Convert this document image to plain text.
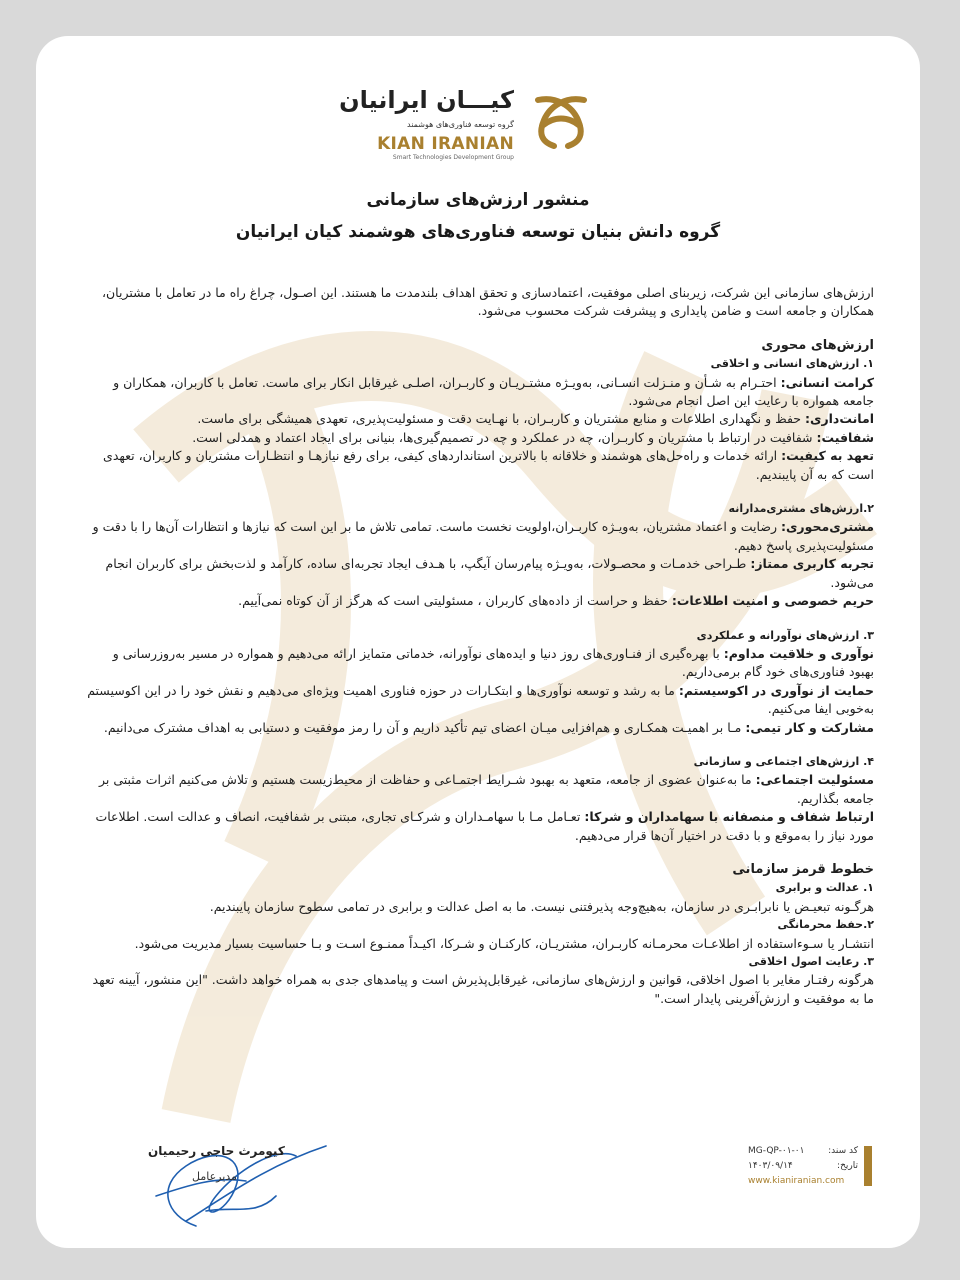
کیـــان ایرانیان
گروه توسعه فناوری‌های هوشمند
KIAN IRANIAN
Smart Technologies Development Group
منشور ارزش‌های سازمانی
گروه دانش بنیان توسعه فناوری‌های هوشمند کیان ایرانیان

ارزش‌های سازمانی این شرکت، زیربنای اصلی موفقیت، اعتمادسازی و تحقق اهداف بلندمدت ما هستند. این اصـول، چراغ راه ما در تعامل با مشتریان، همکاران و جامعه است و ضامن پایداری و پیشرفت شرکت محسوب می‌شود.

ارزش‌های محوری

۱. ارزش‌های انسانی و اخلاقی

کرامت انسانی: احتـرام به شـأن و منـزلت انسـانی، به‌ویـژه مشتـریـان و کاربـران، اصلـی غیرقابل انکار برای ماست. تعامل با کاربران، همکاران و جامعه همواره با رعایت این اصل انجام می‌شود.

امانت‌داری: حفظ و نگهداری اطلاعات و منابع مشتریان و کاربـران، با نهـایت دقت و مسئولیت‌پذیری، تعهدی همیشگی برای ماست.

شفافیت: شفافیت در ارتباط با مشتریان و کاربـران، چه در عملکرد و چه در تصمیم‌گیری‌ها، بنیانی برای ایجاد اعتماد و همدلی است.

تعهد به کیفیت: ارائه خدمات و راه‌حل‌های هوشمند و خلاقانه با بالاترین استانداردهای کیفی، برای رفع نیازهـا و انتظـارات مشتریان و کاربران، تعهدی است که به آن پایبندیم.

۲.ارزش‌های مشتری‌مدارانه

مشتری‌محوری: رضایت و اعتماد مشتریان، به‌ویـژه کاربـران،اولویت نخست ماست. تمامی تلاش ما بر این است که نیازها و انتظارات آن‌ها را با دقت و مسئولیت‌پذیری پاسخ دهیم.

تجربه کاربری ممتاز: طـراحی خدمـات و محصـولات، به‌ویـژه پیام‌رسان آیگپ، با هـدف ایجاد تجربه‌ای ساده، کارآمد و لذت‌بخش برای کاربران انجام می‌شود.

حریم خصوصی و امنیت اطلاعات: حفظ و حراست از داده‌های کاربران ، مسئولیتی است که هرگز از آن کوتاه نمی‌آییم.

۳. ارزش‌های نوآورانه و عملکردی

نوآوری و خلاقیت مداوم: با بهره‌گیری از فنـاوری‌های روز دنیا و ایده‌های نوآورانه، خدماتی متمایز ارائه می‌دهیم و همواره در مسیر به‌روزرسانی و بهبود فناوری‌های خود گام برمی‌داریم.

حمایت از نوآوری در اکوسیستم: ما به رشد و توسعه نوآوری‌ها و ابتکـارات در حوزه فناوری اهمیت ویژه‌ای می‌دهیم و نقش خود را در این اکوسیستم به‌خوبی ایفا می‌کنیم.

مشارکت و کار تیمی: مـا بر اهمیـت همکـاری و هم‌افزایی میـان اعضای تیم تأکید داریم و آن را رمز موفقیت و دستیابی به اهداف مشترک می‌دانیم.

۴. ارزش‌های اجتماعی و سازمانی

مسئولیت اجتماعی: ما به‌عنوان عضوی از جامعه، متعهد به بهبود شـرایط اجتمـاعی و حفاظت از محیط‌زیست هستیم و تلاش می‌کنیم اثرات مثبتی بر جامعه بگذاریم.

ارتباط شفاف و منصفانه با سهامداران و شرکا: تعـامل مـا با سهامـداران و شرکـای تجاری، مبتنی بر شفافیت، انصاف و عدالت است. اطلاعات مورد نیاز را به‌موقع و با دقت در اختیار آن‌ها قرار می‌دهیم.

خطوط قرمز سازمانی

۱. عدالت و برابری

هرگـونه تبعیـض یا نابرابـری در سازمان، به‌هیچ‌وجه پذیرفتنی نیست. ما به اصل عدالت و برابری در تمامی سطوح سازمان پایبندیم.

۲.حفظ محرمانگی

انتشـار یا سـوءاستفاده از اطلاعـات محرمـانه کاربـران، مشتریـان، کارکنـان و شـرکا، اکیـداً ممنـوع اسـت و بـا حساسیت بسیار مدیریت می‌شود.

۳. رعایت اصول اخلاقی

هرگونه رفتـار مغایر با اصول اخلاقی، قوانین و ارزش‌های سازمانی، غیرقابل‌پذیرش است و پیامدهای جدی به همراه خواهد داشت. "این منشور، آیینه تعهد ما به موفقیت و ارزش‌آفرینی پایدار است."

کیومرث حاجی رحیمیان
مدیرعامل
کد سند:
MG-QP-۰۱-۰۱
تاریخ:
۱۴۰۳/۰۹/۱۴
www.kianiranian.com
